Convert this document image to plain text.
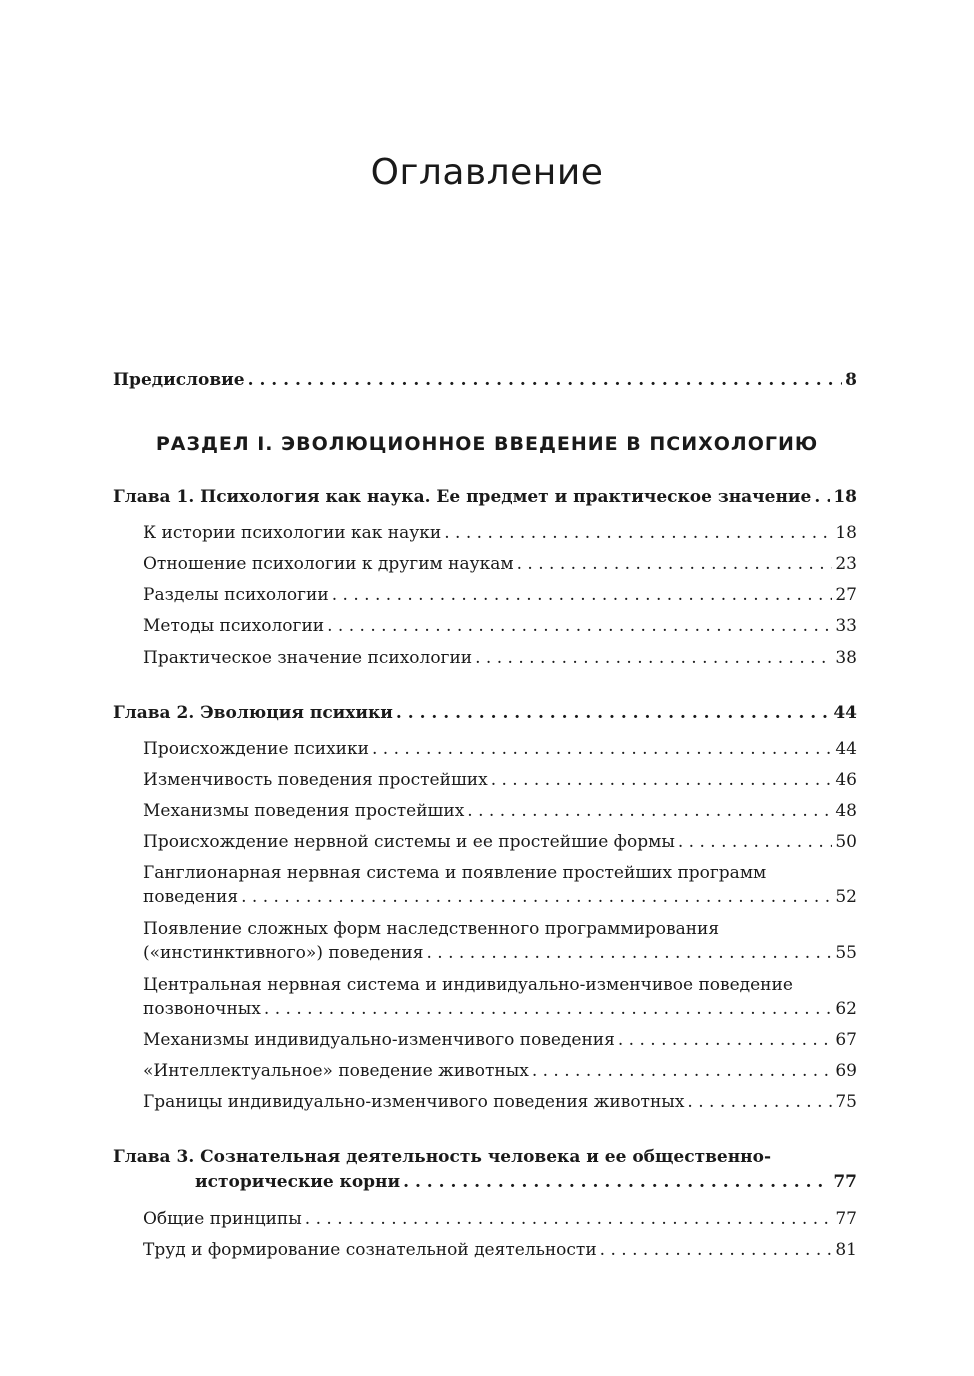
Оглавление
Предисловие . . .	8
РАЗДЕЛ I. ЭВОЛЮЦИОННОЕ ВВЕДЕНИЕ В ПСИХОЛОГИЮ
Глава 1. Психология как наука. Ее предмет и практическое значение . . . 18
К истории психологии как науки . . .	18
Отношение психологии к другим наукам . . .	23
Разделы психологии . . .	27
Методы психологии . . .	33
Практическое значение психологии . . .	38
Глава 2. Эволюция психики . . .	44
Происхождение психики . . .	44
Изменчивость поведения простейших . . .	46
Механизмы поведения простейших . . .	48
Происхождение нервной системы и ее простейшие формы . . .	50
Ганглионарная нервная система и появление простейших программ
поведения . . .	52
Появление сложных форм наследственного программирования
(«инстинктивного») поведения . . .	55
Центральная нервная система и индивидуально-изменчивое поведение
позвоночных . . .	62
Механизмы индивидуально-изменчивого поведения . . .	67
«Интеллектуальное» поведение животных . . .	69
Границы индивидуально-изменчивого поведения животных . . .	75
Глава 3. Сознательная деятельность человека и ее общественно-
исторические корни . . .	77
Общие принципы . . .	77
Труд и формирование сознательной деятельности . . .	81
